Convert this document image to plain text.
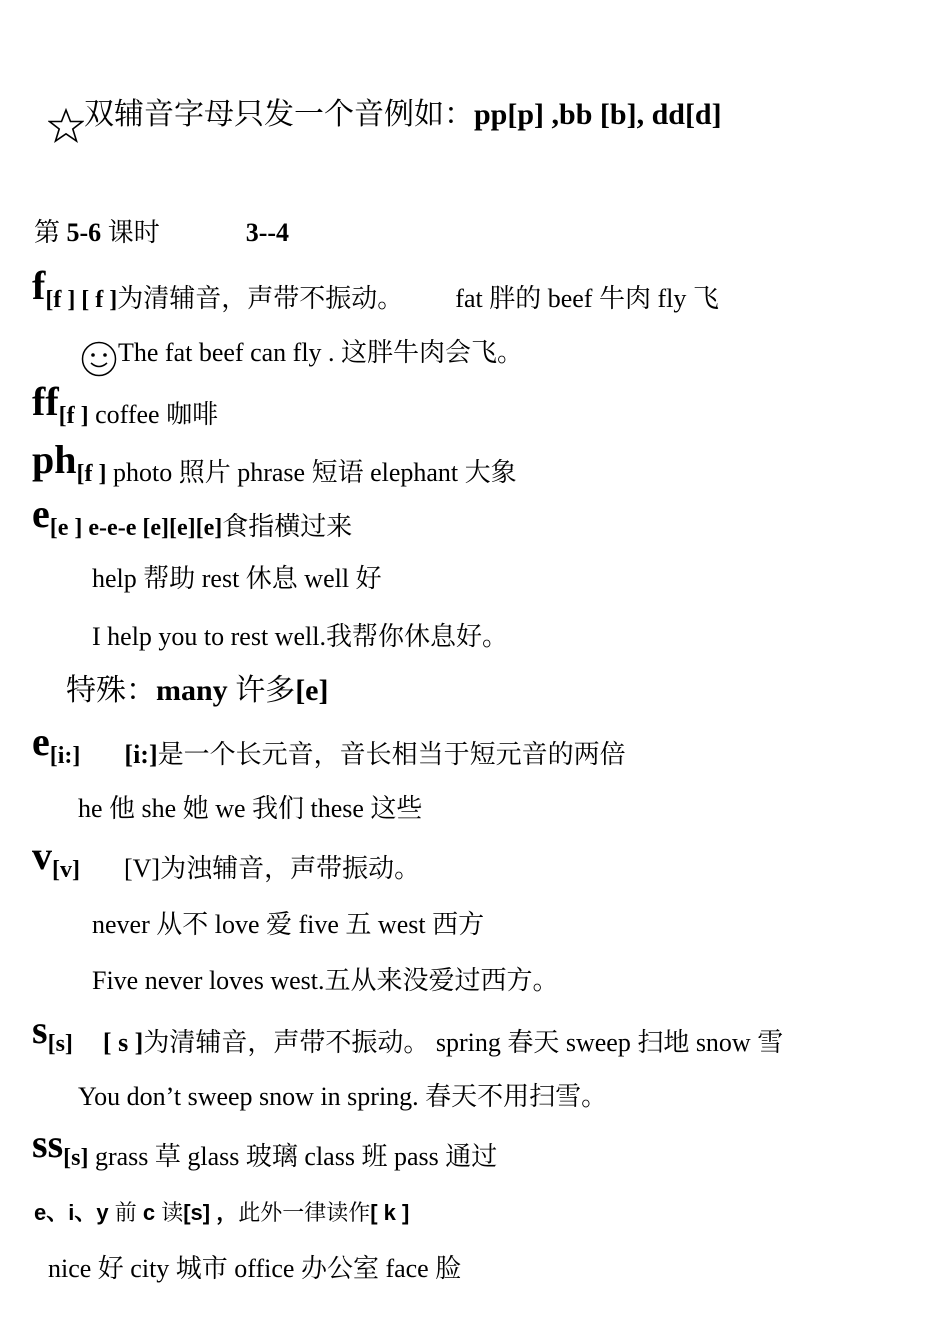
双辅音字母只发一个音例如：pp[p] ,bb [b], dd[d]
第 5-6 课时	3--4
f[f ] [ f ]为清辅音，声带不振动。 fat 胖的 beef 牛肉 fly 飞
The fat beef can fly . 这胖牛肉会飞。
ff[f ] coffee 咖啡
ph[f ] photo 照片 phrase 短语 elephant 大象
e[e ] e-e-e [e][e][e]食指横过来
help 帮助 rest 休息 well 好
I help you to rest well.我帮你休息好。
特殊：many 许多[e]
e[i:] [i:]是一个长元音，音长相当于短元音的两倍
he 他 she 她 we 我们 these 这些
v[v] [V]为浊辅音，声带振动。
never 从不 love 爱 five 五 west 西方
Five never loves west.五从来没爱过西方。
s[s] [ s ]为清辅音，声带不振动。 spring 春天 sweep 扫地 snow 雪
You don’t sweep snow in spring. 春天不用扫雪。
ss[s] grass 草 glass 玻璃 class 班 pass 通过
e、i、y 前 c 读[s] ，此外一律读作[ k ]
nice 好 city 城市 office 办公室 face 脸
